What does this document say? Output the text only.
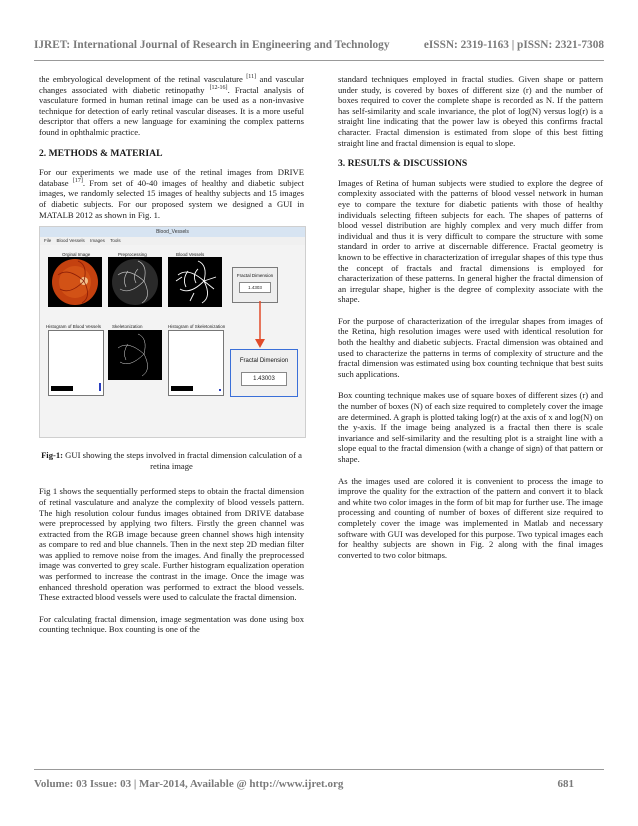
IJRET: International Journal of Research in Engineering and Technology	eISSN: 2319-1163 | pISSN: 2321-7308

the embryological development of the retinal vasculature [11] and vascular changes associated with diabetic retinopathy [12-16]. Fractal analysis of vasculature formed in human retinal image can be used as a non-invasive technique for detection of early retinal vascular diseases. It is a more useful descriptor that offers a new language for examining the complex patterns found in ophthalmic practice.

2. METHODS & MATERIAL

For our experiments we made use of the retinal images from DRIVE database [17]. From set of 40-40 images of healthy and diabetic subject images, we randomly selected 15 images of healthy subjects and 15 images of diabetic subjects. For our proposed system we designed a GUI in MATALB 2012 as shown in Fig. 1.

Blood_Vessels
File Blood Vessels Images Tools
Orginal Image	Preprocessing	Blood Vessels
Fractal Dimension
1.4303
Histogram of Blood Vessels Skeletonization	Histogram of Skeletonization
Fractal Dimension
1.43003
Fig-1: GUI showing the steps involved in fractal dimension calculation of a retina image

Fig 1 shows the sequentially performed steps to obtain the fractal dimension of retinal vasculature and analyze the complexity of blood vessels pattern. The high resolution colour fundus images obtained from DRIVE database were preprocessed by applying two filters. Firstly the green channel was extracted from the RGB image because green channel shows high intensity as compare to red and blue channels. Then in the next step 2D median filter was applied to remove noise from the images. And finally the preprocessed image was converted to grey scale. Further histogram equalization operation was performed to increase the contrast in the image. Once the image was enhanced threshold operation was performed to extract the blood vessels. These extracted blood vessels were used to calculate the fractal dimension.

For calculating fractal dimension, image segmentation was done using box counting technique. Box counting is one of the

standard techniques employed in fractal studies. Given shape or pattern under study, is covered by boxes of different size (r) and the number of boxes required to cover the complete shape is recorded as N. If the pattern has self-similarity and scale invariance, the plot of log(N) versus log(r) is a straight line indicating that the power law is obeyed this confirms fractal character. Fractal dimension is estimated from slope of this best fitting straight line and fractal dimension is equal to slope.

3. RESULTS & DISCUSSIONS

Images of Retina of human subjects were studied to explore the degree of complexity associated with the patterns of blood vessel network in human eye to compare the texture for diabetic patients with those of healthy individuals selecting fifteen subjects for each. The shapes of patterns of blood vessel distribution are highly complex and very much differ from individual and thus it is very difficult to compare the structure with some standard in order to arrive at discernable difference. Fractal geometry is known to be effective in characterization of irregular shapes of this type thus the concept of fractals and fractal dimensions is employed for characterization of these patterns. In general higher the fractal dimension of an irregular shape, higher is the degree of complexity associate with the shape.

For the purpose of characterization of the irregular shapes from images of the Retina, high resolution images were used with identical resolution for both the healthy and diabetic subjects. Fractal dimension was obtained and used to characterize the patterns in terms of complexity of structure and the fractal dimension was estimated using box counting technique that best suits such applications.

Box counting technique makes use of square boxes of different sizes (r) and the number of boxes (N) of each size required to completely cover the image are determined. A graph is plotted taking log(r) at the axis of x and log(N) on the y-axis. If the image being analyzed is a fractal then there is scale invariance and self-similarity and the resulting plot is a straight line with a slope equal to the fractal dimension (with a change of sign) of that pattern or shape.

As the images used are colored it is convenient to process the image to improve the quality for the extraction of the pattern and convert it to black and white two color images in the form of bit map for further use. The image processing and counting of number of boxes of different size required to completely cover the image was implemented in Matlab and necessary software with GUI was developed for this purpose. Two typical images each for healthy subjects are shown in Fig. 2 along with the final images converted to two color bitmaps.

Volume: 03 Issue: 03 | Mar-2014, Available @ http://www.ijret.org	681
